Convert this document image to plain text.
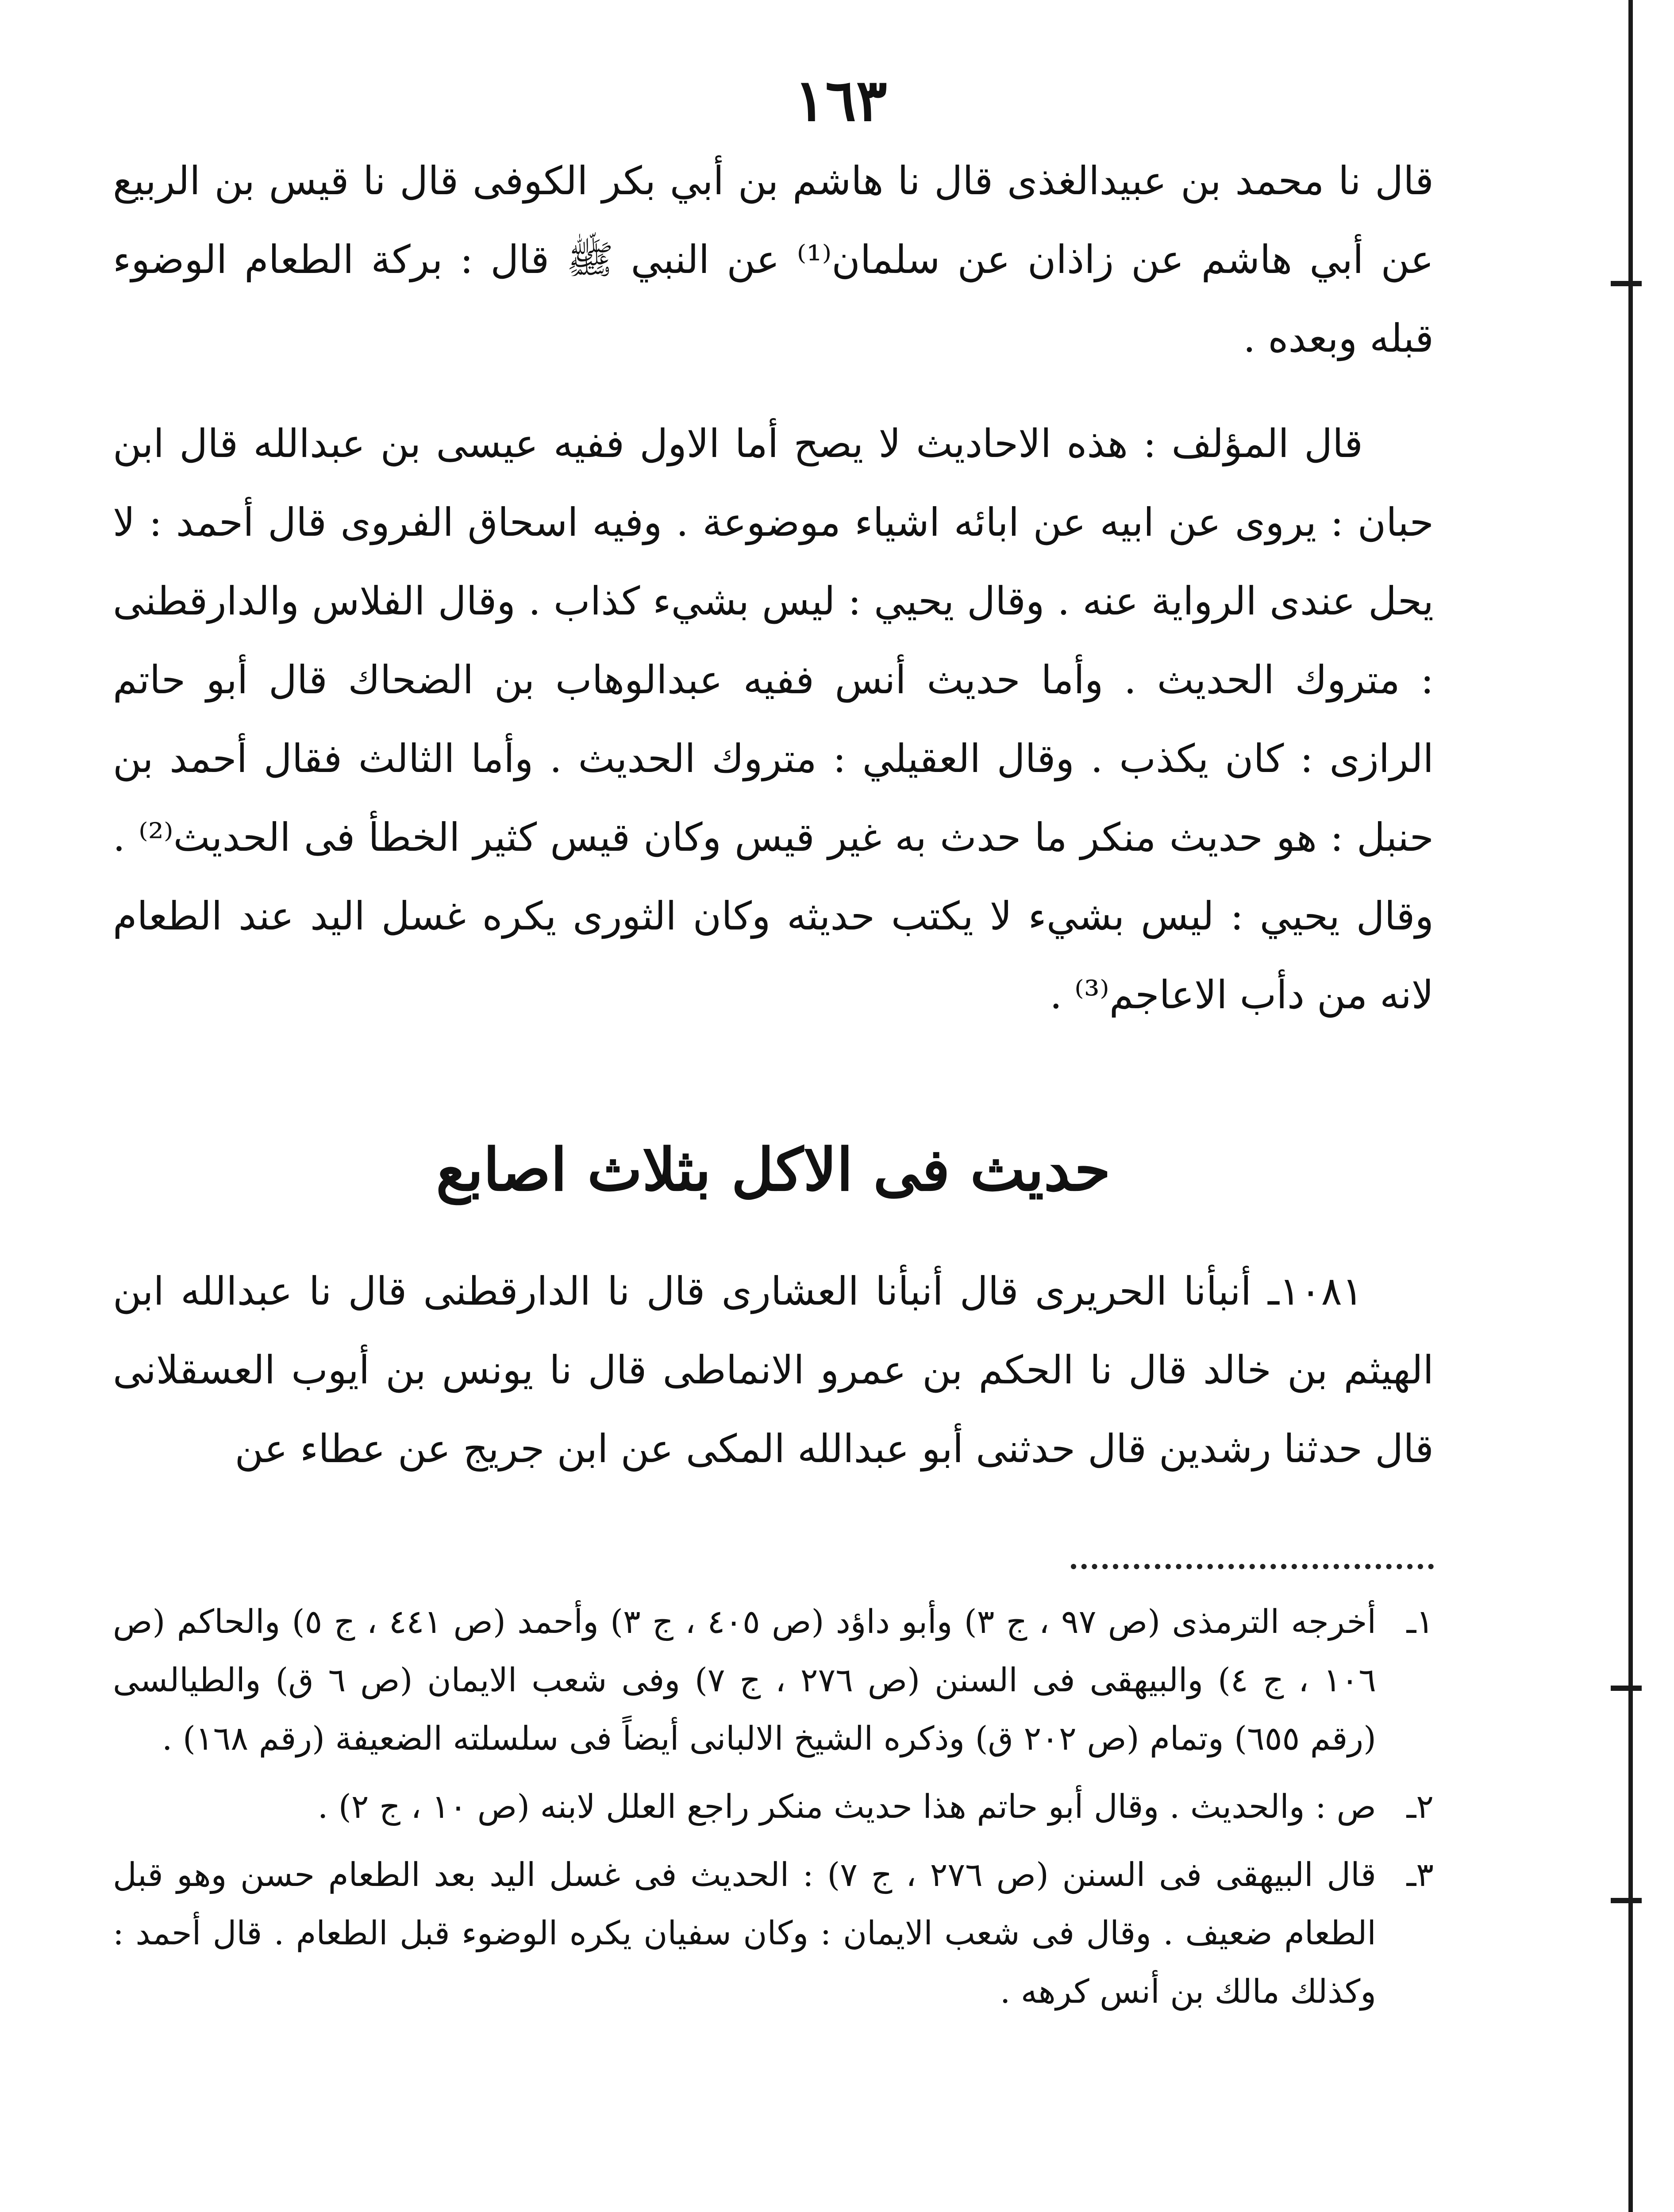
١٦٣

قال نا محمد بن عبيدالغذى قال نا هاشم بن أبي بكر الكوفى قال نا قيس بن الربيع عن أبي هاشم عن زاذان عن سلمان⁽¹⁾ عن النبي ﷺ قال : بركة الطعام الوضوء قبله وبعده .

قال المؤلف : هذه الاحاديث لا يصح أما الاول ففيه عيسى بن عبدالله قال ابن حبان : يروى عن ابيه عن ابائه اشياء موضوعة . وفيه اسحاق الفروى قال أحمد : لا يحل عندى الرواية عنه . وقال يحيي : ليس بشيء كذاب . وقال الفلاس والدارقطنى : متروك الحديث . وأما حديث أنس ففيه عبدالوهاب بن الضحاك قال أبو حاتم الرازى : كان يكذب . وقال العقيلي : متروك الحديث . وأما الثالث فقال أحمد بن حنبل : هو حديث منكر ما حدث به غير قيس وكان قيس كثير الخطأ فى الحديث⁽²⁾ . وقال يحيي : ليس بشيء لا يكتب حديثه وكان الثورى يكره غسل اليد عند الطعام لانه من دأب الاعاجم⁽³⁾ .

حديث فى الاكل بثلاث اصابع

١٠٨١ـ أنبأنا الحريرى قال أنبأنا العشارى قال نا الدارقطنى قال نا عبدالله ابن الهيثم بن خالد قال نا الحكم بن عمرو الانماطى قال نا يونس بن أيوب العسقلانى قال حدثنا رشدين قال حدثنى أبو عبدالله المكى عن ابن جريج عن عطاء عن

١ـ
أخرجه الترمذى (ص ٩٧ ، ج ٣) وأبو داؤد (ص ٤٠٥ ، ج ٣) وأحمد (ص ٤٤١ ، ج ٥) والحاكم (ص ١٠٦ ، ج ٤) والبيهقى فى السنن (ص ٢٧٦ ، ج ٧) وفى شعب الايمان (ص ٦ ق) والطيالسى (رقم ٦٥٥) وتمام (ص ٢٠٢ ق) وذكره الشيخ الالبانى أيضاً فى سلسلته الضعيفة (رقم ١٦٨) .
٢ـ
ص : والحديث . وقال أبو حاتم هذا حديث منكر راجع العلل لابنه (ص ١٠ ، ج ٢) .
٣ـ
قال البيهقى فى السنن (ص ٢٧٦ ، ج ٧) : الحديث فى غسل اليد بعد الطعام حسن وهو قبل الطعام ضعيف . وقال فى شعب الايمان : وكان سفيان يكره الوضوء قبل الطعام . قال أحمد : وكذلك مالك بن أنس كرهه .
